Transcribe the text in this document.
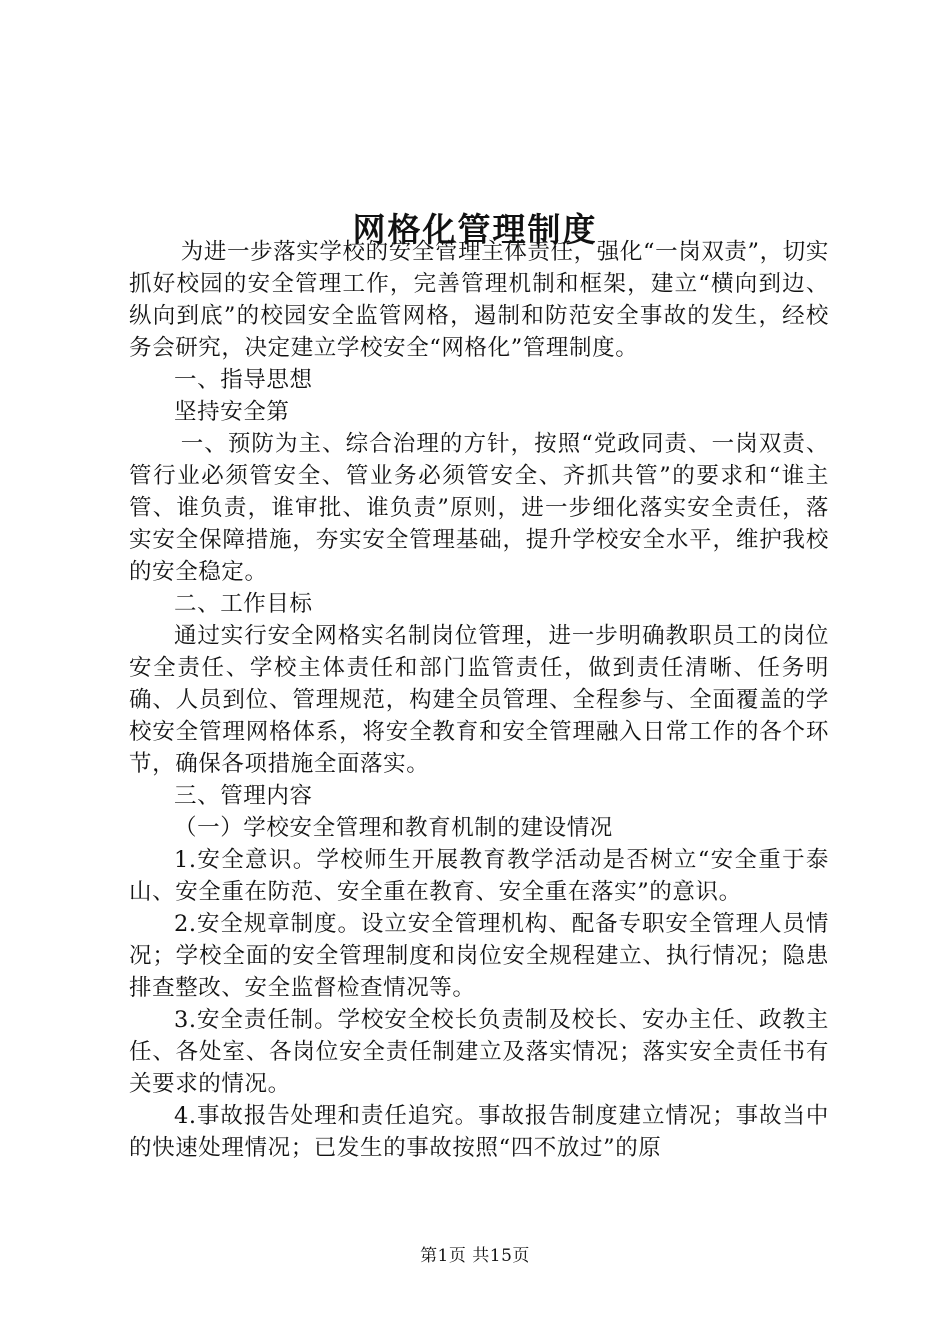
网格化管理制度

为进一步落实学校的安全管理主体责任，强化“一岗双责”，切实抓好校园的安全管理工作，完善管理机制和框架，建立“横向到边、纵向到底”的校园安全监管网格，遏制和防范安全事故的发生，经校务会研究，决定建立学校安全“网格化”管理制度。

一、指导思想

坚持安全第

一、预防为主、综合治理的方针，按照“党政同责、一岗双责、管行业必须管安全、管业务必须管安全、齐抓共管”的要求和“谁主管、谁负责，谁审批、谁负责”原则，进一步细化落实安全责任，落实安全保障措施，夯实安全管理基础，提升学校安全水平，维护我校的安全稳定。

二、工作目标

通过实行安全网格实名制岗位管理，进一步明确教职员工的岗位安全责任、学校主体责任和部门监管责任，做到责任清晰、任务明确、人员到位、管理规范，构建全员管理、全程参与、全面覆盖的学校安全管理网格体系，将安全教育和安全管理融入日常工作的各个环节，确保各项措施全面落实。

三、管理内容

（一）学校安全管理和教育机制的建设情况

1.安全意识。学校师生开展教育教学活动是否树立“安全重于泰山、安全重在防范、安全重在教育、安全重在落实”的意识。

2.安全规章制度。设立安全管理机构、配备专职安全管理人员情况；学校全面的安全管理制度和岗位安全规程建立、执行情况；隐患排查整改、安全监督检查情况等。

3.安全责任制。学校安全校长负责制及校长、安办主任、政教主任、各处室、各岗位安全责任制建立及落实情况；落实安全责任书有关要求的情况。

4.事故报告处理和责任追究。事故报告制度建立情况；事故当中的快速处理情况；已发生的事故按照“四不放过”的原

第1页 共15页
